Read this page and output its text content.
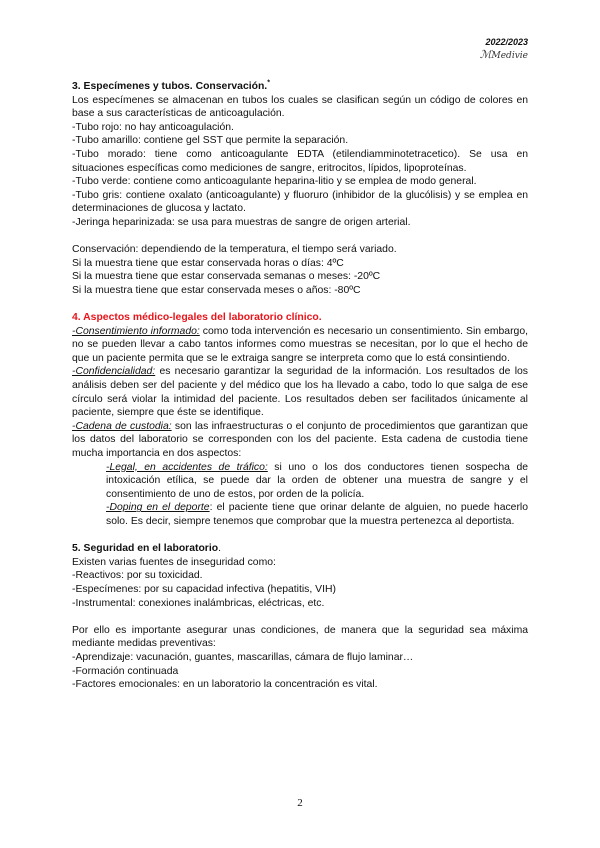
2022/2023
ℳMedivie

3. Especímenes y tubos. Conservación.*

Los especímenes se almacenan en tubos los cuales se clasifican según un código de colores en base a sus características de anticoagulación.

-Tubo rojo: no hay anticoagulación.

-Tubo amarillo: contiene gel SST que permite la separación.

-Tubo morado: tiene como anticoagulante EDTA (etilendiamminotetracetico). Se usa en situaciones específicas como mediciones de sangre, eritrocitos, lípidos, lipoproteínas.

-Tubo verde: contiene como anticoagulante heparina-litio y se emplea de modo general.

-Tubo gris: contiene oxalato (anticoagulante) y fluoruro (inhibidor de la glucólisis) y se emplea en determinaciones de glucosa y lactato.

-Jeringa heparinizada: se usa para muestras de sangre de origen arterial.

Conservación: dependiendo de la temperatura, el tiempo será variado.

Si la muestra tiene que estar conservada horas o días: 4ºC

Si la muestra tiene que estar conservada semanas o meses: -20ºC

Si la muestra tiene que estar conservada meses o años: -80ºC

4. Aspectos médico-legales del laboratorio clínico.

-Consentimiento informado: como toda intervención es necesario un consentimiento. Sin embargo, no se pueden llevar a cabo tantos informes como muestras se necesitan, por lo que el hecho de que un paciente permita que se le extraiga sangre se interpreta como que lo está consintiendo.

-Confidencialidad: es necesario garantizar la seguridad de la información. Los resultados de los análisis deben ser del paciente y del médico que los ha llevado a cabo, todo lo que salga de ese círculo será violar la intimidad del paciente. Los resultados deben ser facilitados únicamente al paciente, siempre que éste se identifique.

-Cadena de custodia: son las infraestructuras o el conjunto de procedimientos que garantizan que los datos del laboratorio se corresponden con los del paciente. Esta cadena de custodia tiene mucha importancia en dos aspectos:

-Legal, en accidentes de tráfico: si uno o los dos conductores tienen sospecha de intoxicación etílica, se puede dar la orden de obtener una muestra de sangre y el consentimiento de uno de estos, por orden de la policía.

-Doping en el deporte: el paciente tiene que orinar delante de alguien, no puede hacerlo solo. Es decir, siempre tenemos que comprobar que la muestra pertenezca al deportista.

5. Seguridad en el laboratorio.

Existen varias fuentes de inseguridad como:

-Reactivos: por su toxicidad.

-Especímenes: por su capacidad infectiva (hepatitis, VIH)

-Instrumental: conexiones inalámbricas, eléctricas, etc.

Por ello es importante asegurar unas condiciones, de manera que la seguridad sea máxima mediante medidas preventivas:

-Aprendizaje: vacunación, guantes, mascarillas, cámara de flujo laminar…

-Formación continuada

-Factores emocionales: en un laboratorio la concentración es vital.

2
